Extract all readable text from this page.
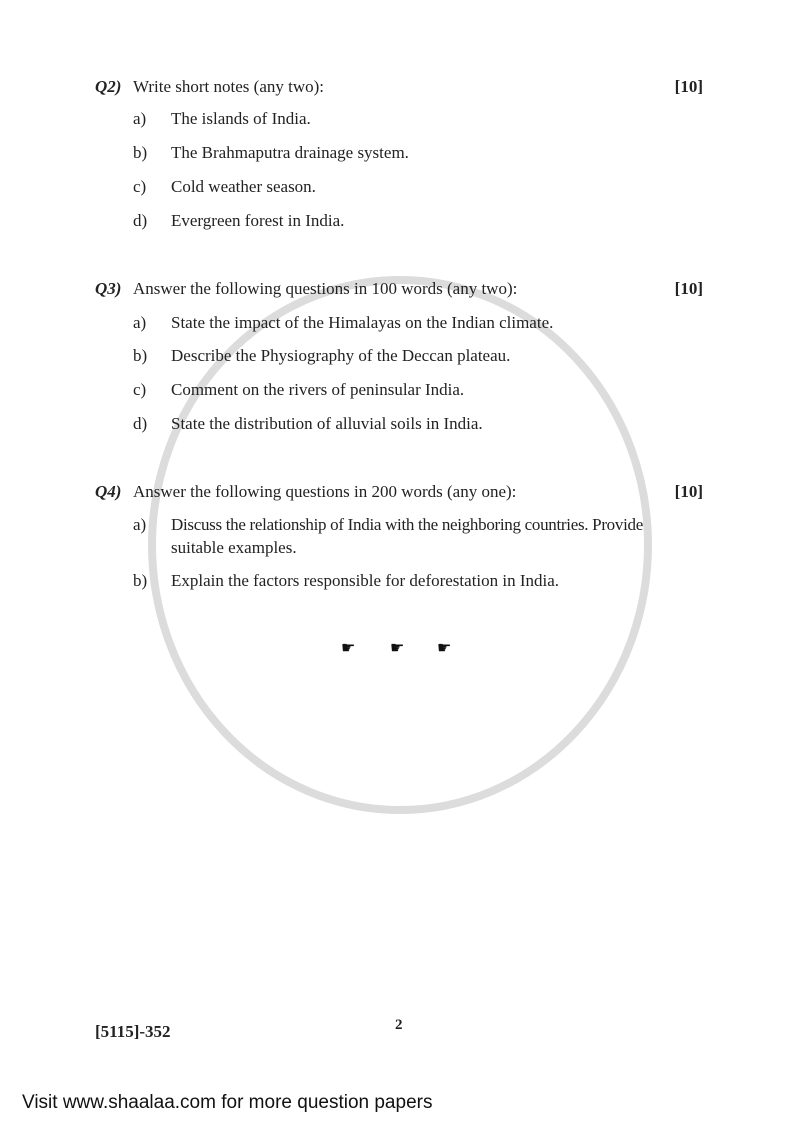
Q2) Write short notes (any two):	[10]
a) The islands of India.
b) The Brahmaputra drainage system.
c) Cold weather season.
d) Evergreen forest in India.
Q3) Answer the following questions in 100 words (any two):	[10]
a) State the impact of the Himalayas on the Indian climate.
b) Describe the Physiography of the Deccan plateau.
c) Comment on the rivers of peninsular India.
d) State the distribution of alluvial soils in India.
Q4) Answer the following questions in 200 words (any one):	[10]
a) Discuss the relationship of India with the neighboring countries. Provide
suitable examples.
b) Explain the factors responsible for deforestation in India.
☛ ☛ ☛
[5115]-352	2
Visit www.shaalaa.com for more question papers
